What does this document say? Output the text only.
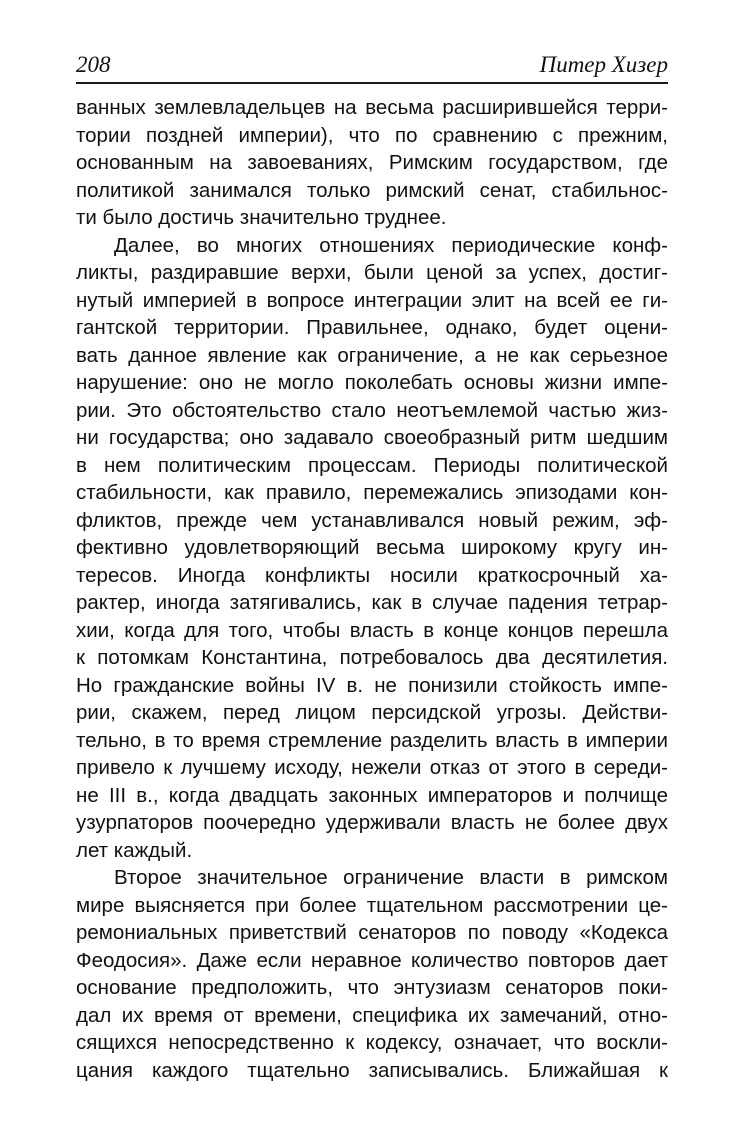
208	Питер Хизер
ванных землевладельцев на весьма расширившейся терри-
тории поздней империи), что по сравнению с прежним,
основанным на завоеваниях, Римским государством, где
политикой занимался только римский сенат, стабильнос-
ти было достичь значительно труднее.
Далее, во многих отношениях периодические конф-
ликты, раздиравшие верхи, были ценой за успех, достиг-
нутый империей в вопросе интеграции элит на всей ее ги-
гантской территории. Правильнее, однако, будет оцени-
вать данное явление как ограничение, а не как серьезное
нарушение: оно не могло поколебать основы жизни импе-
рии. Это обстоятельство стало неотъемлемой частью жиз-
ни государства; оно задавало своеобразный ритм шедшим
в нем политическим процессам. Периоды политической
стабильности, как правило, перемежались эпизодами кон-
фликтов, прежде чем устанавливался новый режим, эф-
фективно удовлетворяющий весьма широкому кругу ин-
тересов. Иногда конфликты носили краткосрочный ха-
рактер, иногда затягивались, как в случае падения тетрар-
хии, когда для того, чтобы власть в конце концов перешла
к потомкам Константина, потребовалось два десятилетия.
Но гражданские войны IV в. не понизили стойкость импе-
рии, скажем, перед лицом персидской угрозы. Действи-
тельно, в то время стремление разделить власть в империи
привело к лучшему исходу, нежели отказ от этого в середи-
не III в., когда двадцать законных императоров и полчище
узурпаторов поочередно удерживали власть не более двух
лет каждый.
Второе значительное ограничение власти в римском
мире выясняется при более тщательном рассмотрении це-
ремониальных приветствий сенаторов по поводу «Кодекса
Феодосия». Даже если неравное количество повторов дает
основание предположить, что энтузиазм сенаторов поки-
дал их время от времени, специфика их замечаний, отно-
сящихся непосредственно к кодексу, означает, что воскли-
цания каждого тщательно записывались. Ближайшая к
